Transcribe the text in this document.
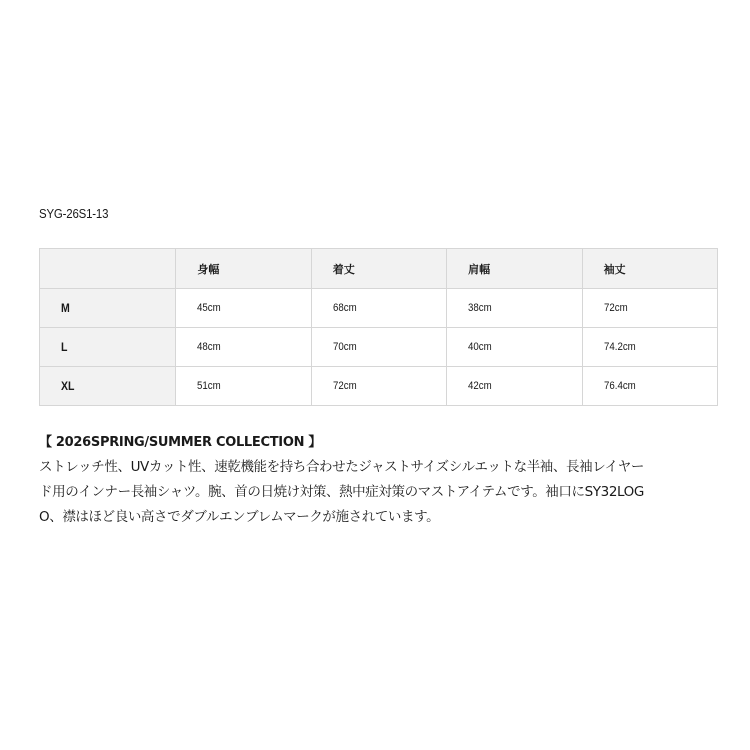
SYG-26S1-13
	身幅	着丈	肩幅	袖丈
M	45cm	68cm	38cm	72cm
L	48cm	70cm	40cm	74.2cm
XL	51cm	72cm	42cm	76.4cm
【 2026SPRING/SUMMER COLLECTION 】
ストレッチ性、UVカット性、速乾機能を持ち合わせたジャストサイズシルエットな半袖、長袖レイヤー
ド用のインナー長袖シャツ。腕、首の日焼け対策、熱中症対策のマストアイテムです。袖口にSY32LOG
O、襟はほど良い高さでダブルエンブレムマークが施されています。
